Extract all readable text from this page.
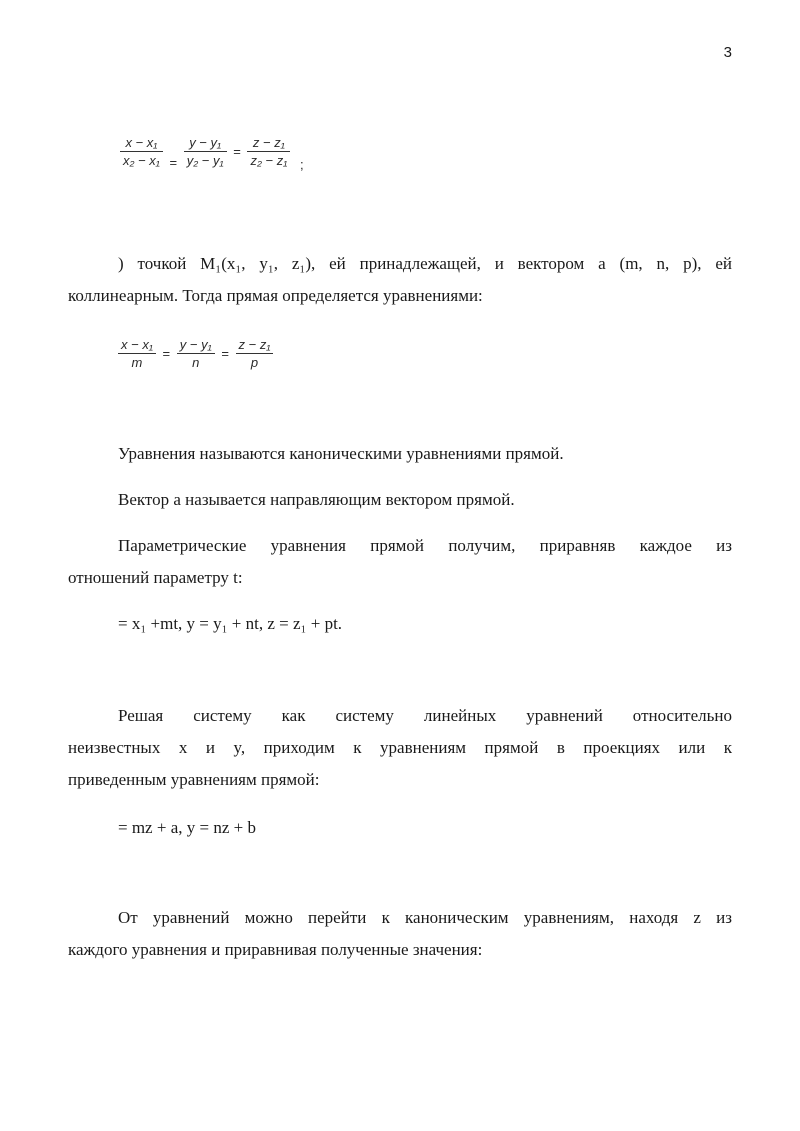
3
$\frac{\text{x − x₁}}{\text{x₂ − x₁}} = \frac{\text{y − y₁}}{\text{y₂ − y₁}} = \frac{\text{z − z₁}}{\text{z₂ − z₁}}$ ;
) точкой M₁(x₁, y₁, z₁), ей принадлежащей, и вектором a (m, n, p), ей
коллинеарным. Тогда прямая определяется уравнениями:
$\frac{\text{x − x₁}}{m} = \frac{\text{y − y₁}}{n} = \frac{\text{z − z₁}}{p}$
Уравнения называются каноническими уравнениями прямой.
Вектор a называется направляющим вектором прямой.
Параметрические уравнения прямой получим, приравняв каждое из
отношений параметру t:
= x₁ +mt, y = y₁ + nt, z = z₁ + pt.
Решая систему как систему линейных уравнений относительно
неизвестных x и y, приходим к уравнениям прямой в проекциях или к
приведенным уравнениям прямой:
= mz + a, y = nz + b
От уравнений можно перейти к каноническим уравнениям, находя z из
каждого уравнения и приравнивая полученные значения:
